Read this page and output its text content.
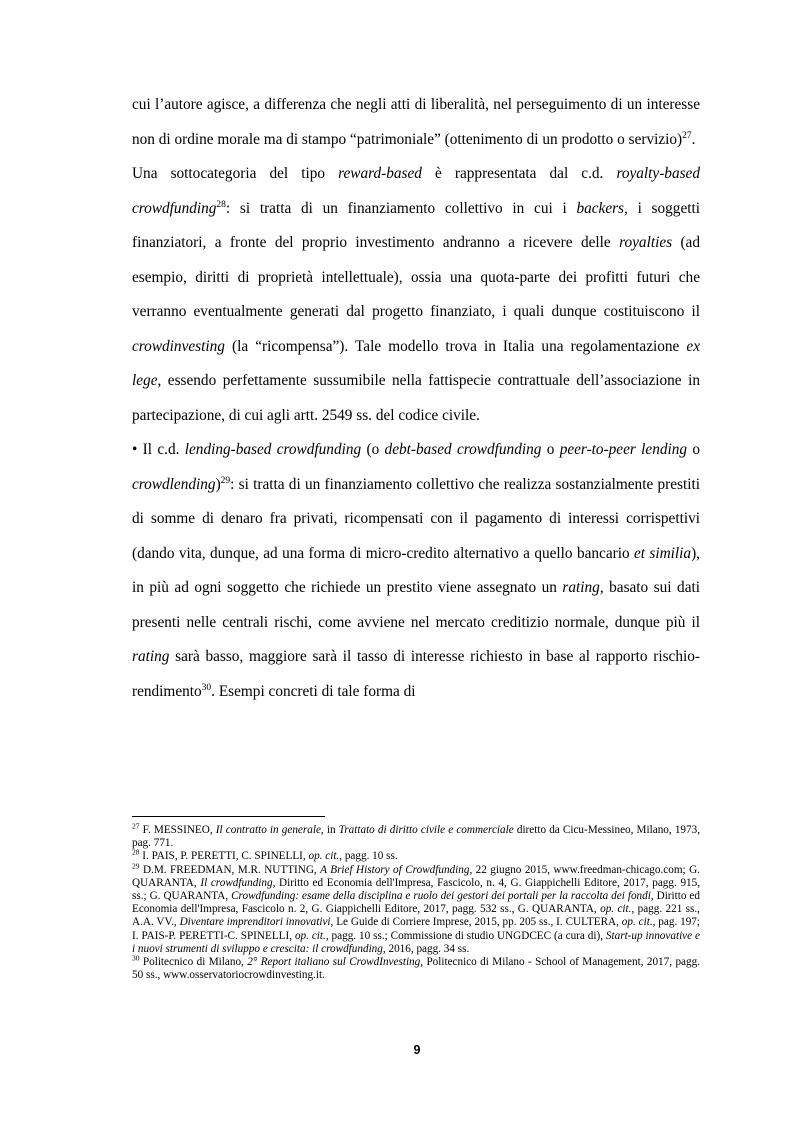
cui l’autore agisce, a differenza che negli atti di liberalità, nel perseguimento di un interesse non di ordine morale ma di stampo “patrimoniale” (ottenimento di un prodotto o servizio)$^{27}$.

Una sottocategoria del tipo reward-based è rappresentata dal c.d. royalty-based crowdfunding$^{28}$: si tratta di un finanziamento collettivo in cui i backers, i soggetti finanziatori, a fronte del proprio investimento andranno a ricevere delle royalties (ad esempio, diritti di proprietà intellettuale), ossia una quota-parte dei profitti futuri che verranno eventualmente generati dal progetto finanziato, i quali dunque costituiscono il crowdinvesting (la “ricompensa”). Tale modello trova in Italia una regolamentazione ex lege, essendo perfettamente sussumibile nella fattispecie contrattuale dell’associazione in partecipazione, di cui agli artt. 2549 ss. del codice civile.

• Il c.d. lending-based crowdfunding (o debt-based crowdfunding o peer-to-peer lending o crowdlending)$^{29}$: si tratta di un finanziamento collettivo che realizza sostanzialmente prestiti di somme di denaro fra privati, ricompensati con il pagamento di interessi corrispettivi (dando vita, dunque, ad una forma di micro-credito alternativo a quello bancario et similia), in più ad ogni soggetto che richiede un prestito viene assegnato un rating, basato sui dati presenti nelle centrali rischi, come avviene nel mercato creditizio normale, dunque più il rating sarà basso, maggiore sarà il tasso di interesse richiesto in base al rapporto rischio-rendimento$^{30}$. Esempi concreti di tale forma di

$^{27}$ F. MESSINEO, Il contratto in generale, in Trattato di diritto civile e commerciale diretto da Cicu-Messineo, Milano, 1973, pag. 771.

$^{28}$ I. PAIS, P. PERETTI, C. SPINELLI, op. cit., pagg. 10 ss.

$^{29}$ D.M. FREEDMAN, M.R. NUTTING, A Brief History of Crowdfunding, 22 giugno 2015, www.freedman-chicago.com; G. QUARANTA, Il crowdfunding, Diritto ed Economia dell'Impresa, Fascicolo, n. 4, G. Giappichelli Editore, 2017, pagg. 915, ss.; G. QUARANTA, Crowdfunding: esame della disciplina e ruolo dei gestori dei portali per la raccolta dei fondi, Diritto ed Economia dell'Impresa, Fascicolo n. 2, G. Giappichelli Editore, 2017, pagg. 532 ss., G. QUARANTA, op. cit., pagg. 221 ss., A.A. VV., Diventare imprenditori innovativi, Le Guide di Corriere Imprese, 2015, pp. 205 ss., I. CULTERA, op. cit., pag. 197; I. PAIS-P. PERETTI-C. SPINELLI, op. cit., pagg. 10 ss.; Commissione di studio UNGDCEC (a cura di), Start-up innovative e i nuovi strumenti di sviluppo e crescita: il crowdfunding, 2016, pagg. 34 ss.

$^{30}$ Politecnico di Milano, 2° Report italiano sul CrowdInvesting, Politecnico di Milano - School of Management, 2017, pagg. 50 ss., www.osservatoriocrowdinvesting.it.

9
